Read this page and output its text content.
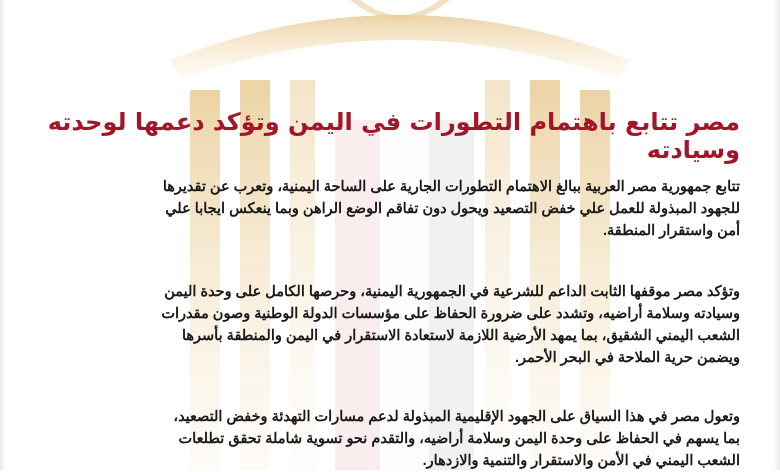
مصر تتابع باهتمام التطورات في اليمن وتؤكد دعمها لوحدته وسيادته
تتابع جمهورية مصر العربية ببالغ الاهتمام التطورات الجارية على الساحة اليمنية، وتعرب عن تقديرها
للجهود المبذولة للعمل علي خفض التصعيد ويحول دون تفاقم الوضع الراهن وبما ينعكس ايجابا علي
أمن واستقرار المنطقة.
وتؤكد مصر موقفها الثابت الداعم للشرعية في الجمهورية اليمنية، وحرصها الكامل على وحدة اليمن
وسيادته وسلامة أراضيه، وتشدد على ضرورة الحفاظ على مؤسسات الدولة الوطنية وصون مقدرات
الشعب اليمني الشقيق، بما يمهد الأرضية اللازمة لاستعادة الاستقرار في اليمن والمنطقة بأسرها
ويضمن حرية الملاحة في البحر الأحمر.
وتعول مصر في هذا السياق على الجهود الإقليمية المبذولة لدعم مسارات التهدئة وخفض التصعيد،
بما يسهم في الحفاظ على وحدة اليمن وسلامة أراضيه، والتقدم نحو تسوية شاملة تحقق تطلعات
الشعب اليمني في الأمن والاستقرار والتنمية والازدهار.
